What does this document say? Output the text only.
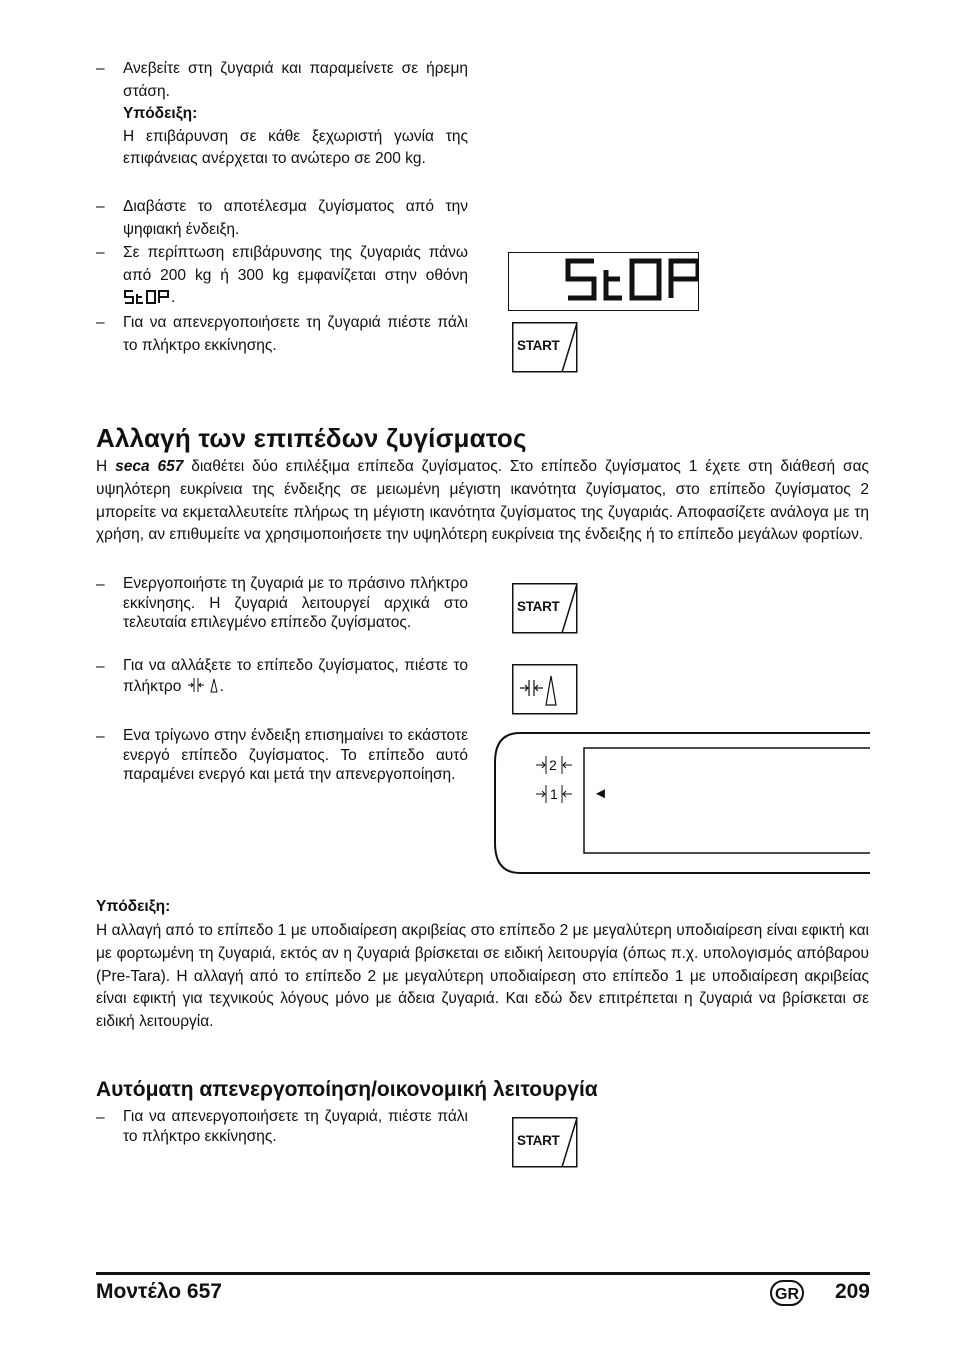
– Ανεβείτε στη ζυγαριά και παραμείνετε σε ήρεμη στάση.
Υπόδειξη:
Η επιβάρυνση σε κάθε ξεχωριστή γωνία της επιφάνειας ανέρχεται το ανώτερο σε 200 kg.
– Διαβάστε το αποτέλεσμα ζυγίσματος από την ψηφιακή ένδειξη.
– Σε περίπτωση επιβάρυνσης της ζυγαριάς πάνω από 200 kg ή 300 kg εμφανίζεται στην οθόνη .
– Για να απενεργοποιήσετε τη ζυγαριά πιέστε πάλι το πλήκτρο εκκίνησης.	START
Αλλαγή των επιπέδων ζυγίσματος
Η seca 657 διαθέτει δύο επιλέξιμα επίπεδα ζυγίσματος. Στο επίπεδο ζυγίσματος 1 έχετε στη διάθεσή σας υψηλότερη ευκρίνεια της ένδειξης σε μειωμένη μέγιστη ικανότητα ζυγίσματος, στο επίπεδο ζυγίσματος 2 μπορείτε να εκμεταλλευτείτε πλήρως τη μέγιστη ικανότητα ζυγίσματος της ζυγαριάς. Αποφασίζετε ανάλογα με τη χρήση, αν επιθυμείτε να χρησιμοποιήσετε την υψηλότερη ευκρίνεια της ένδειξης ή το επίπεδο μεγάλων φορτίων.
– Ενεργοποιήστε τη ζυγαριά με το πράσινο πλήκτρο εκκίνησης. Η ζυγαριά λειτουργεί αρχικά στο τελευταία επιλεγμένο επίπεδο ζυγίσματος.
– Για να αλλάξετε το επίπεδο ζυγίσματος, πιέστε το πλήκτρο .
– Ενα τρίγωνο στην ένδειξη επισημαίνει το εκάστοτε ενεργό επίπεδο ζυγίσματος. Το επίπεδο αυτό παραμένει ενεργό και μετά την απενεργοποίηση.
START
2
1 ◄
Υπόδειξη:
Η αλλαγή από το επίπεδο 1 με υποδιαίρεση ακριβείας στο επίπεδο 2 με μεγαλύτερη υποδιαίρεση είναι εφικτή και με φορτωμένη τη ζυγαριά, εκτός αν η ζυγαριά βρίσκεται σε ειδική λειτουργία (όπως π.χ. υπολογισμός απόβαρου (Pre-Tara). Η αλλαγή από το επίπεδο 2 με μεγαλύτερη υποδιαίρεση στο επίπεδο 1 με υποδιαίρεση ακριβείας είναι εφικτή για τεχνικούς λόγους μόνο με άδεια ζυγαριά. Και εδώ δεν επιτρέπεται η ζυγαριά να βρίσκεται σε ειδική λειτουργία.
Αυτόματη απενεργοποίηση/οικονομική λειτουργία
– Για να απενεργοποιήσετε τη ζυγαριά, πιέστε πάλι το πλήκτρο εκκίνησης.	START
Μοντέλο 657	GR 209
